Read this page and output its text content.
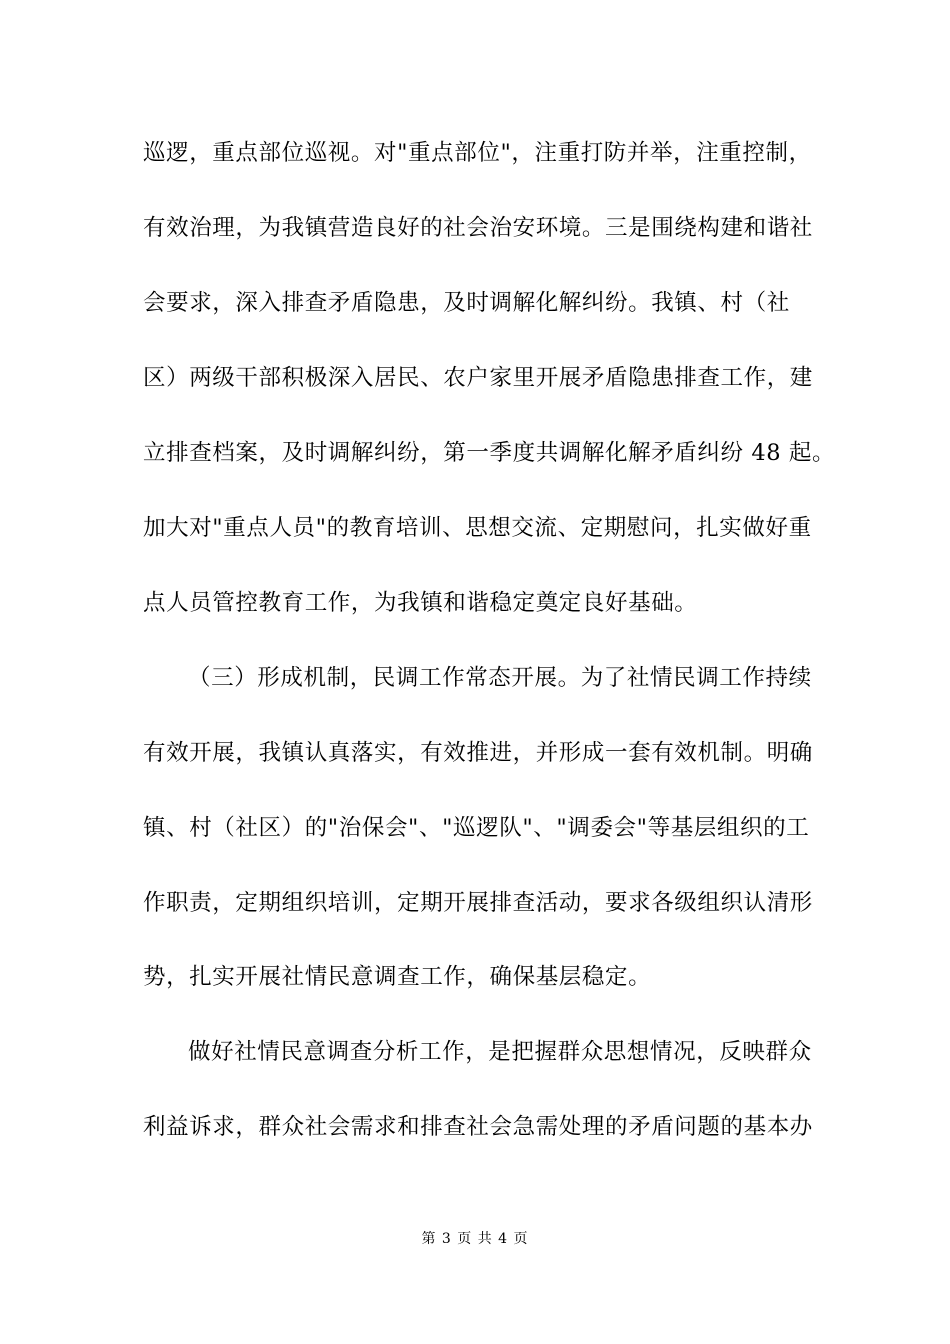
巡逻，重点部位巡视。对"重点部位"，注重打防并举，注重控制，
有效治理，为我镇营造良好的社会治安环境。三是围绕构建和谐社
会要求，深入排查矛盾隐患，及时调解化解纠纷。我镇、村（社
区）两级干部积极深入居民、农户家里开展矛盾隐患排查工作，建
立排查档案，及时调解纠纷，第一季度共调解化解矛盾纠纷 48 起。
加大对"重点人员"的教育培训、思想交流、定期慰问，扎实做好重
点人员管控教育工作，为我镇和谐稳定奠定良好基础。
（三）形成机制，民调工作常态开展。为了社情民调工作持续
有效开展，我镇认真落实，有效推进，并形成一套有效机制。明确
镇、村（社区）的"治保会"、"巡逻队"、"调委会"等基层组织的工
作职责，定期组织培训，定期开展排查活动，要求各级组织认清形
势，扎实开展社情民意调查工作，确保基层稳定。
做好社情民意调查分析工作，是把握群众思想情况，反映群众
利益诉求，群众社会需求和排查社会急需处理的矛盾问题的基本办
第 3 页 共 4 页
